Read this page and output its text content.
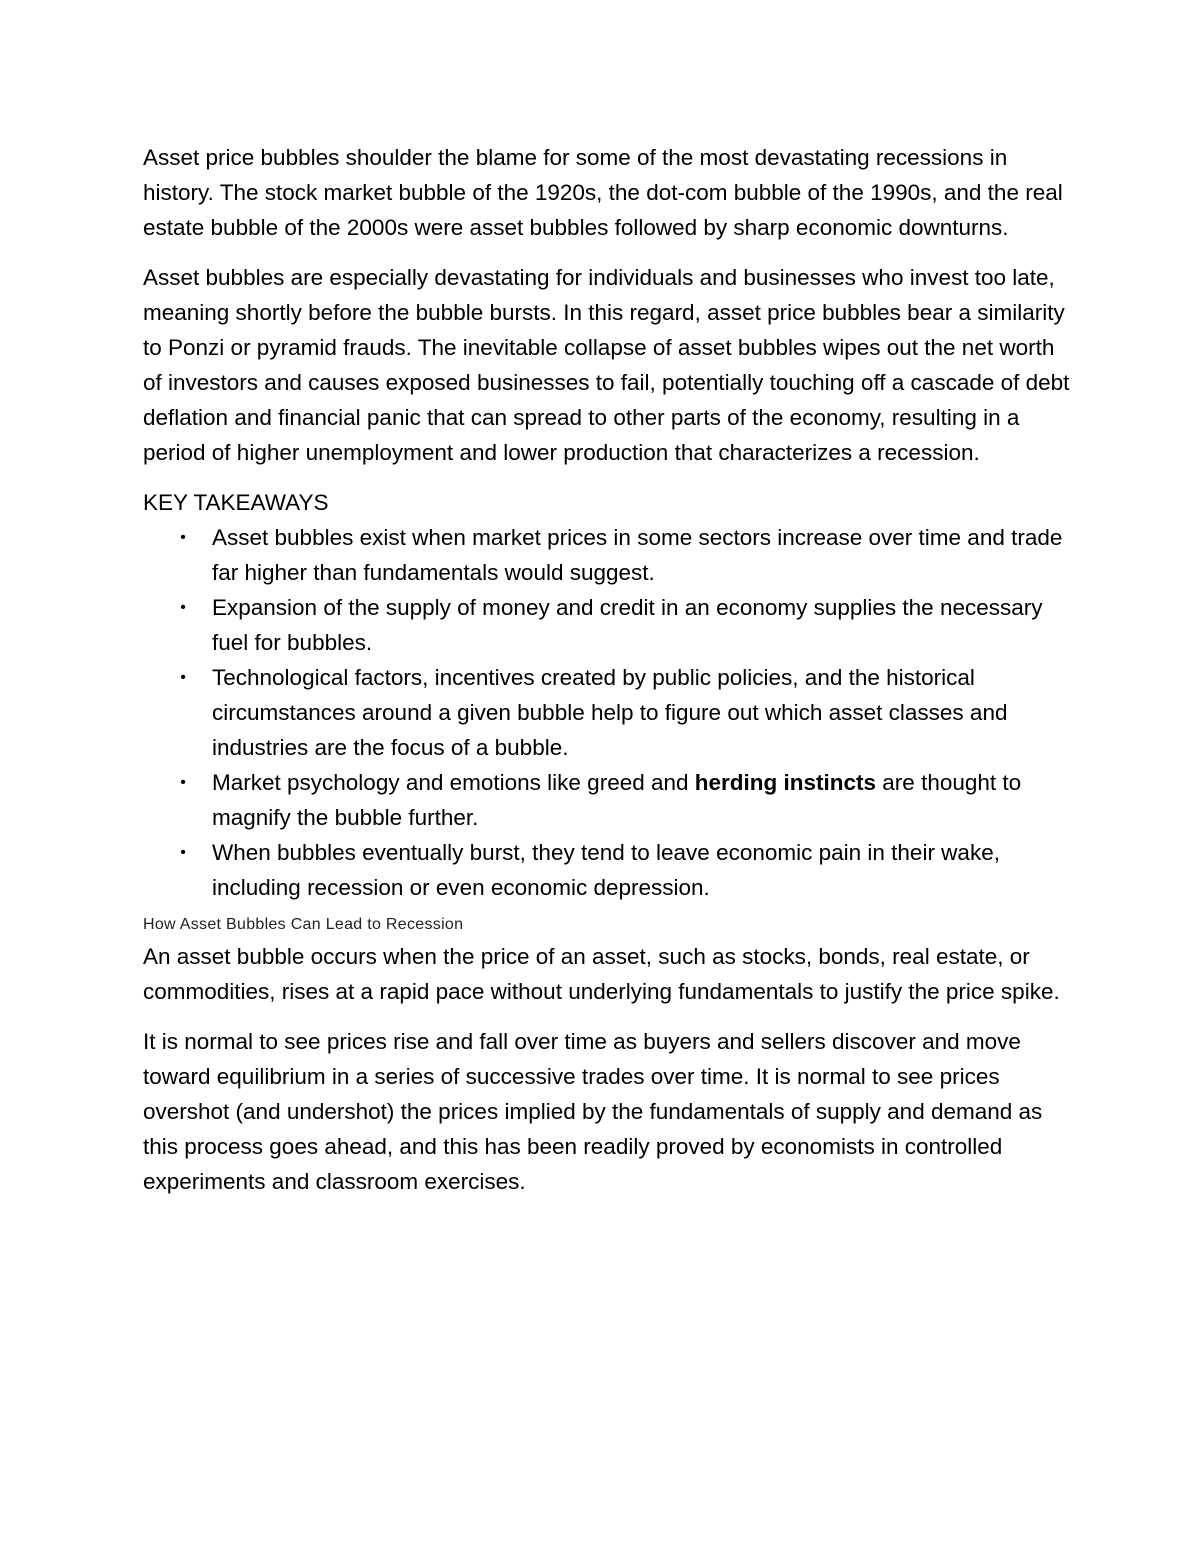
Asset price bubbles shoulder the blame for some of the most devastating recessions in history. The stock market bubble of the 1920s, the dot-com bubble of the 1990s, and the real estate bubble of the 2000s were asset bubbles followed by sharp economic downturns.

Asset bubbles are especially devastating for individuals and businesses who invest too late, meaning shortly before the bubble bursts. In this regard, asset price bubbles bear a similarity to Ponzi or pyramid frauds. The inevitable collapse of asset bubbles wipes out the net worth of investors and causes exposed businesses to fail, potentially touching off a cascade of debt deflation and financial panic that can spread to other parts of the economy, resulting in a period of higher unemployment and lower production that characterizes a recession.

KEY TAKEAWAYS

• Asset bubbles exist when market prices in some sectors increase over time and trade far higher than fundamentals would suggest.
• Expansion of the supply of money and credit in an economy supplies the necessary fuel for bubbles.
• Technological factors, incentives created by public policies, and the historical circumstances around a given bubble help to figure out which asset classes and industries are the focus of a bubble.
• Market psychology and emotions like greed and herding instincts are thought to magnify the bubble further.
• When bubbles eventually burst, they tend to leave economic pain in their wake, including recession or even economic depression.

How Asset Bubbles Can Lead to Recession

An asset bubble occurs when the price of an asset, such as stocks, bonds, real estate, or commodities, rises at a rapid pace without underlying fundamentals to justify the price spike.

It is normal to see prices rise and fall over time as buyers and sellers discover and move toward equilibrium in a series of successive trades over time. It is normal to see prices overshot (and undershot) the prices implied by the fundamentals of supply and demand as this process goes ahead, and this has been readily proved by economists in controlled experiments and classroom exercises.
